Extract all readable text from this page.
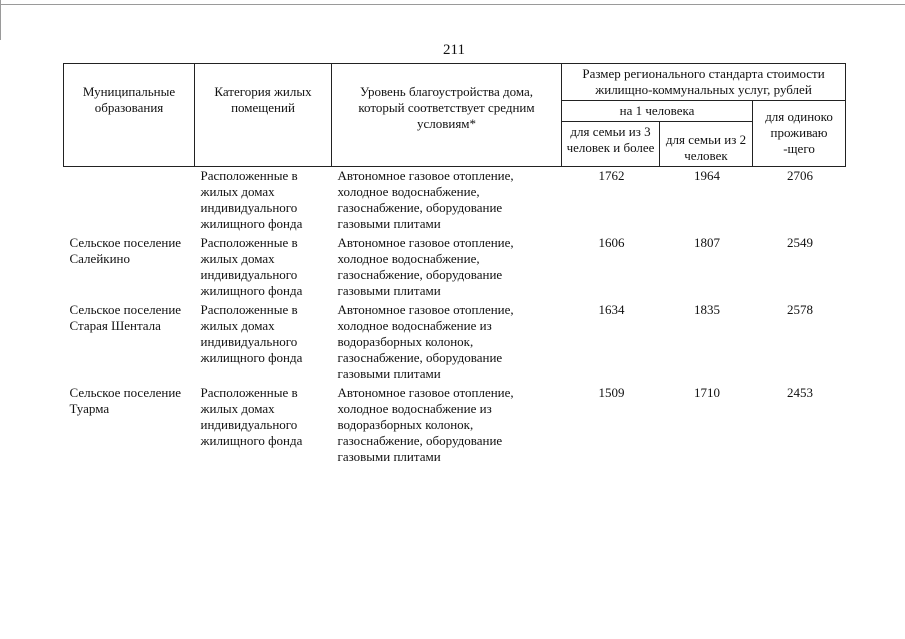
211
Муниципальные образования	Категория жилых помещений	Уровень благоустройства дома, который соответствует средним условиям*	Размер регионального стандарта стоимости жилищно-коммунальных услуг, рублей		
			на 1 человека		для одиноко проживаю -щего
			для семьи из 3 человек и более	для семьи из 2 человек	
	Расположенные в жилых домах индивидуального жилищного фонда	Автономное газовое отопление, холодное водоснабжение, газоснабжение, оборудование газовыми плитами	1762	1964	2706
Сельское поселение Салейкино	Расположенные в жилых домах индивидуального жилищного фонда	Автономное газовое отопление, холодное водоснабжение, газоснабжение, оборудование газовыми плитами	1606	1807	2549
Сельское поселение Старая Шентала	Расположенные в жилых домах индивидуального жилищного фонда	Автономное газовое отопление, холодное водоснабжение из водоразборных колонок, газоснабжение, оборудование газовыми плитами	1634	1835	2578
Сельское поселение Туарма	Расположенные в жилых домах индивидуального жилищного фонда	Автономное газовое отопление, холодное водоснабжение из водоразборных колонок, газоснабжение, оборудование газовыми плитами	1509	1710	2453
